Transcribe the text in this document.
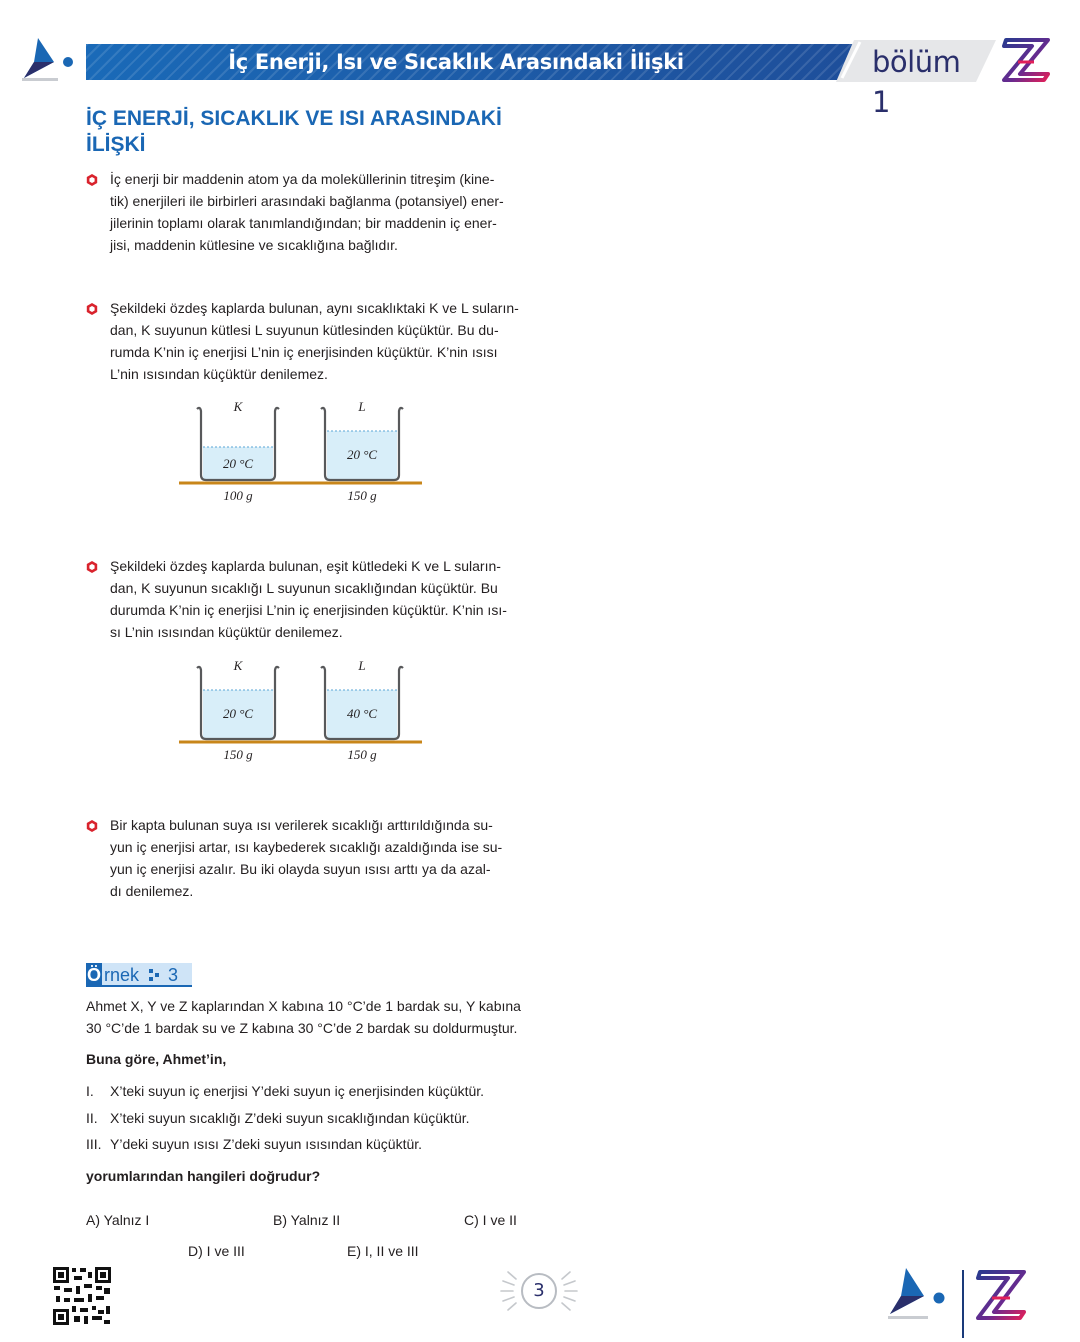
İç Enerji, Isı ve Sıcaklık Arasındaki İlişki	bölüm 1
İÇ ENERJİ, SICAKLIK VE ISI ARASINDAKİ
İLİŞKİ
İç enerji bir maddenin atom ya da moleküllerinin titreşim (kine-
tik) enerjileri ile birbirleri arasındaki bağlanma (potansiyel) ener-
jilerinin toplamı olarak tanımlandığından; bir maddenin iç ener-
jisi, maddenin kütlesine ve sıcaklığına bağlıdır.
Şekildeki özdeş kaplarda bulunan, aynı sıcaklıktaki K ve L suların-
dan, K suyunun kütlesi L suyunun kütlesinden küçüktür. Bu du-
rumda K’nin iç enerjisi L’nin iç enerjisinden küçüktür. K’nin ısısı
L’nin ısısından küçüktür denilemez.
K	L
20 °C
20 °C
100 g	150 g
Şekildeki özdeş kaplarda bulunan, eşit kütledeki K ve L suların-
dan, K suyunun sıcaklığı L suyunun sıcaklığından küçüktür. Bu
durumda K’nin iç enerjisi L’nin iç enerjisinden küçüktür. K’nin ısı-
sı L’nin ısısından küçüktür denilemez.
K	L
20 °C	40 °C
150 g	150 g
Bir kapta bulunan suya ısı verilerek sıcaklığı arttırıldığında su-
yun iç enerjisi artar, ısı kaybederek sıcaklığı azaldığında ise su-
yun iç enerjisi azalır. Bu iki olayda suyun ısısı arttı ya da azal-
dı denilemez.
Ö rnek 3
Ahmet X, Y ve Z kaplarından X kabına 10 °C’de 1 bardak su, Y kabına
30 °C’de 1 bardak su ve Z kabına 30 °C’de 2 bardak su doldurmuştur.
Buna göre, Ahmet’in,
I. X’teki suyun iç enerjisi Y’deki suyun iç enerjisinden küçüktür.
II. X’teki suyun sıcaklığı Z’deki suyun sıcaklığından küçüktür.
III. Y’deki suyun ısısı Z’deki suyun ısısından küçüktür.
yorumlarından hangileri doğrudur?
A) Yalnız I	B) Yalnız II	C) I ve II
D) I ve III	E) I, II ve III
3
